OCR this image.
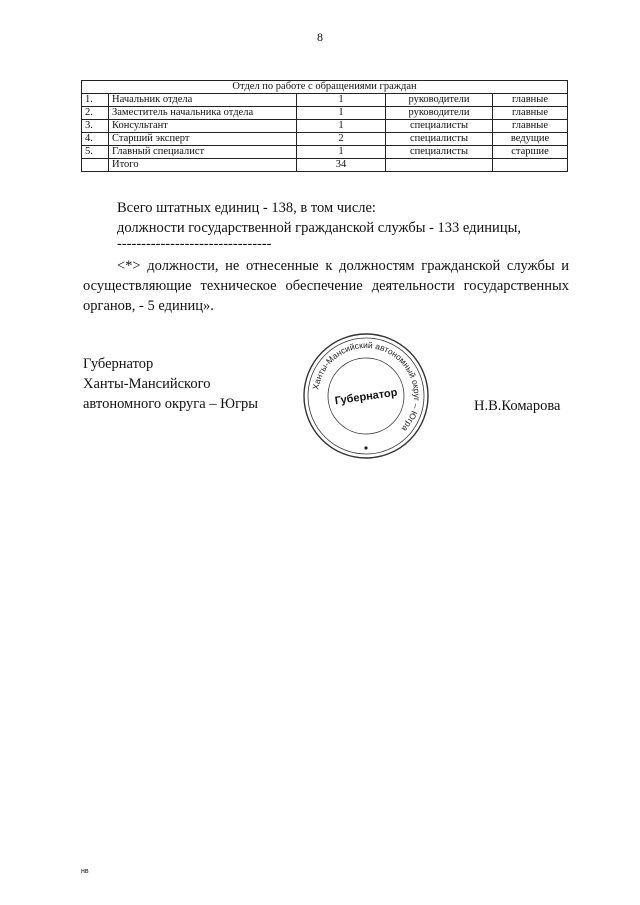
8
Отдел по работе с обращениями граждан				
1.	Начальник отдела	1	руководители	главные
2.	Заместитель начальника отдела	1	руководители	главные
3.	Консультант	1	специалисты	главные
4.	Старший эксперт	2	специалисты	ведущие
5.	Главный специалист	1	специалисты	старшие
	Итого	34		
Всего штатных единиц - 138, в том числе:
должности государственной гражданской службы - 133 единицы,
--------------------------------
<*> должности, не отнесенные к должностям гражданской службы и осуществляющие техническое обеспечение деятельности государственных органов, - 5 единиц».
Губернатор
Ханты-Мансийского
автономного округа – Югры
Ханты-Мансийский автономный округ – Югра
Губернатор	Н.В.Комарова
нв
